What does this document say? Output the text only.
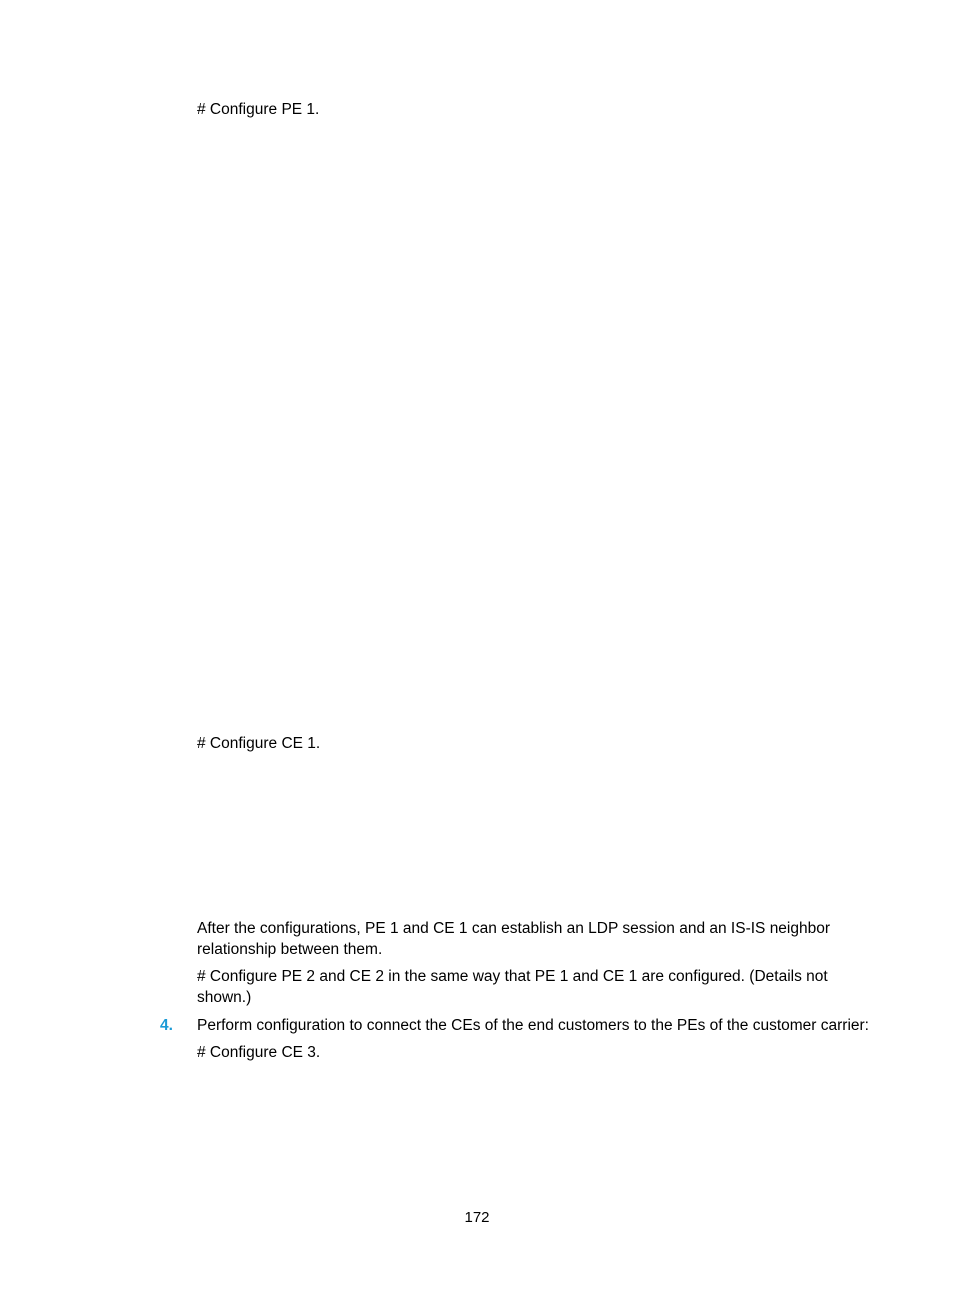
# Configure PE 1.

# Configure CE 1.

After the configurations, PE 1 and CE 1 can establish an LDP session and an IS-IS neighbor relationship between them.

# Configure PE 2 and CE 2 in the same way that PE 1 and CE 1 are configured. (Details not shown.)

4. Perform configuration to connect the CEs of the end customers to the PEs of the customer carrier:

# Configure CE 3.

172
